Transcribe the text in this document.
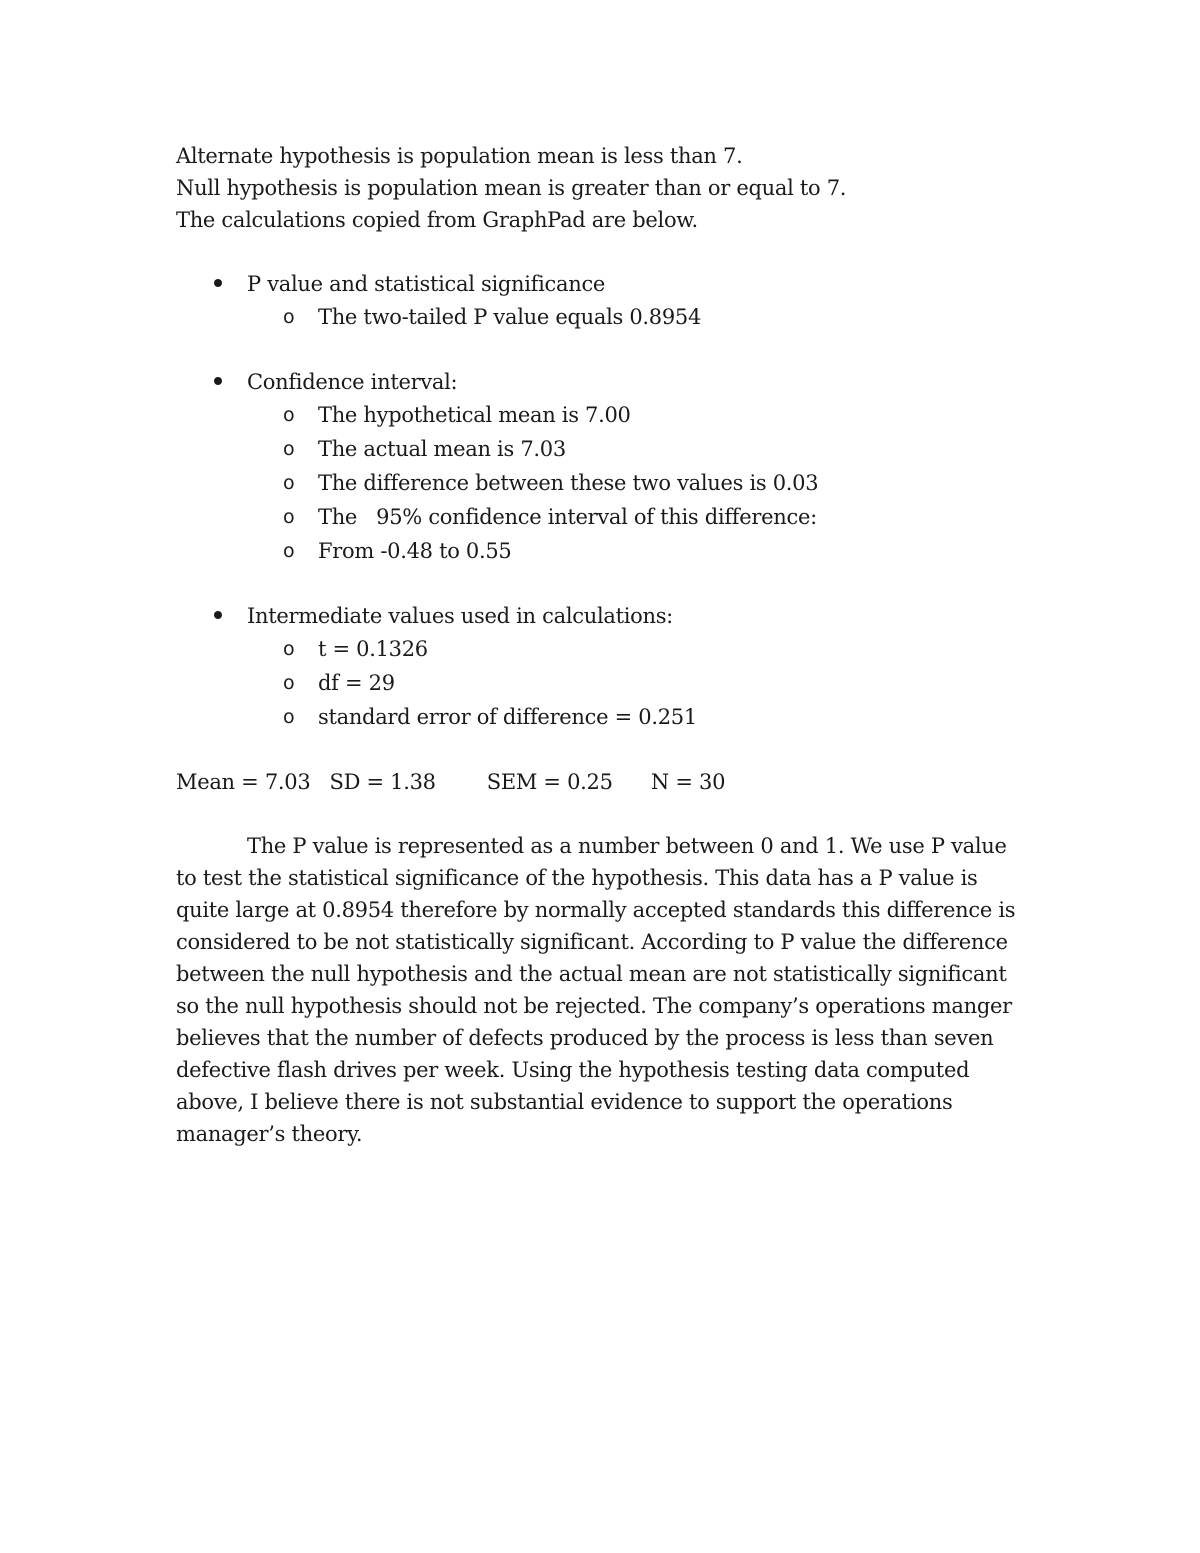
Alternate hypothesis is population mean is less than 7.

Null hypothesis is population mean is greater than or equal to 7.

The calculations copied from GraphPad are below.

P value and statistical significance

o The two-tailed P value equals 0.8954

Confidence interval:

o The hypothetical mean is 7.00

o The actual mean is 7.03

o The difference between these two values is 0.03

o The   95% confidence interval of this difference:

o From -0.48 to 0.55

Intermediate values used in calculations:

o t = 0.1326

o df = 29

o standard error of difference = 0.251

Mean = 7.03   SD = 1.38        SEM = 0.25      N = 30

The P value is represented as a number between 0 and 1. We use P value to test the statistical significance of the hypothesis. This data has a P value is quite large at 0.8954 therefore by normally accepted standards this difference is considered to be not statistically significant. According to P value the difference between the null hypothesis and the actual mean are not statistically significant so the null hypothesis should not be rejected. The company’s operations manger believes that the number of defects produced by the process is less than seven defective flash drives per week. Using the hypothesis testing data computed above, I believe there is not substantial evidence to support the operations manager’s theory.
